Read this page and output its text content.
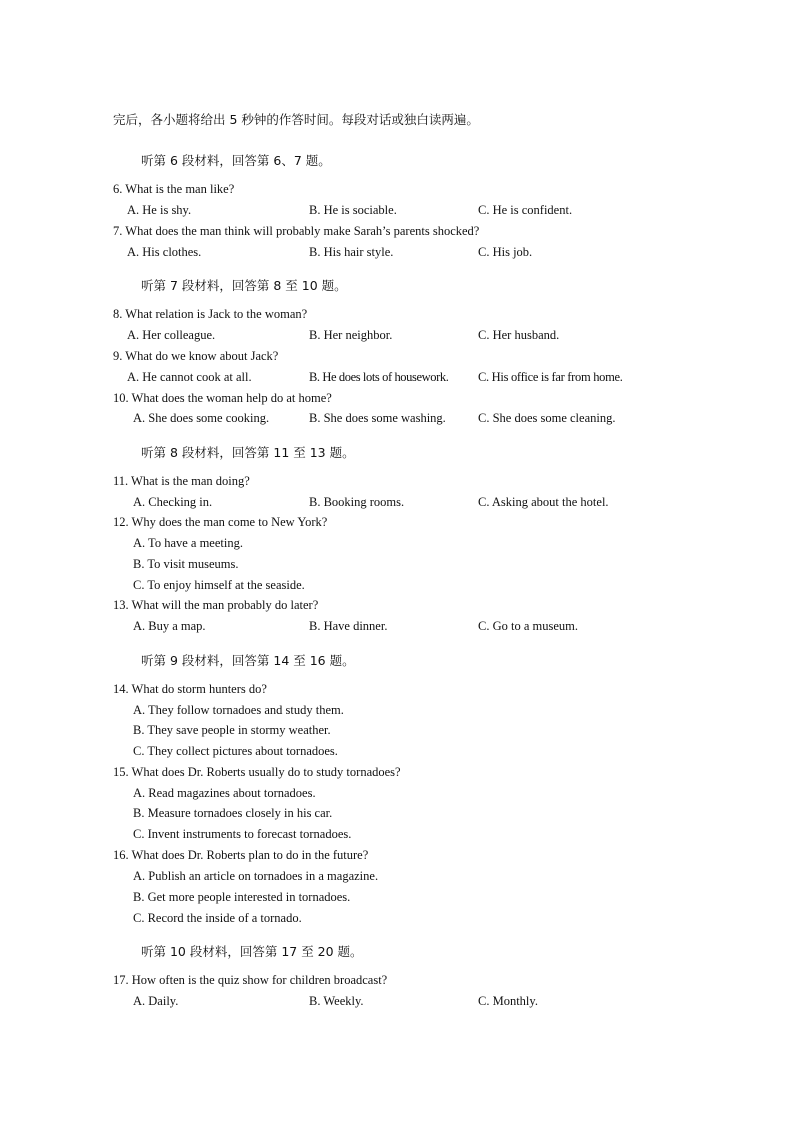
完后，各小题将给出 5 秒钟的作答时间。每段对话或独白读两遍。
听第 6 段材料，回答第 6、7 题。
6. What is the man like?
A. He is shy.	B. He is sociable.	C. He is confident.
7. What does the man think will probably make Sarah’s parents shocked?
A. His clothes.	B. His hair style.	C. His job.
听第 7 段材料，回答第 8 至 10 题。
8. What relation is Jack to the woman?
A. Her colleague.	B. Her neighbor.	C. Her husband.
9. What do we know about Jack?
A. He cannot cook at all.	B. He does lots of housework. C. His office is far from home.
10. What does the woman help do at home?
A. She does some cooking.	B. She does some washing.	C. She does some cleaning.
听第 8 段材料，回答第 11 至 13 题。
11. What is the man doing?
A. Checking in.	B. Booking rooms.	C. Asking about the hotel.
12. Why does the man come to New York?
A. To have a meeting.
B. To visit museums.
C. To enjoy himself at the seaside.
13. What will the man probably do later?
A. Buy a map.	B. Have dinner.	C. Go to a museum.
听第 9 段材料，回答第 14 至 16 题。
14. What do storm hunters do?
A. They follow tornadoes and study them.
B. They save people in stormy weather.
C. They collect pictures about tornadoes.
15. What does Dr. Roberts usually do to study tornadoes?
A. Read magazines about tornadoes.
B. Measure tornadoes closely in his car.
C. Invent instruments to forecast tornadoes.
16. What does Dr. Roberts plan to do in the future?
A. Publish an article on tornadoes in a magazine.
B. Get more people interested in tornadoes.
C. Record the inside of a tornado.
听第 10 段材料，回答第 17 至 20 题。
17. How often is the quiz show for children broadcast?
A. Daily.	B. Weekly.	C. Monthly.
